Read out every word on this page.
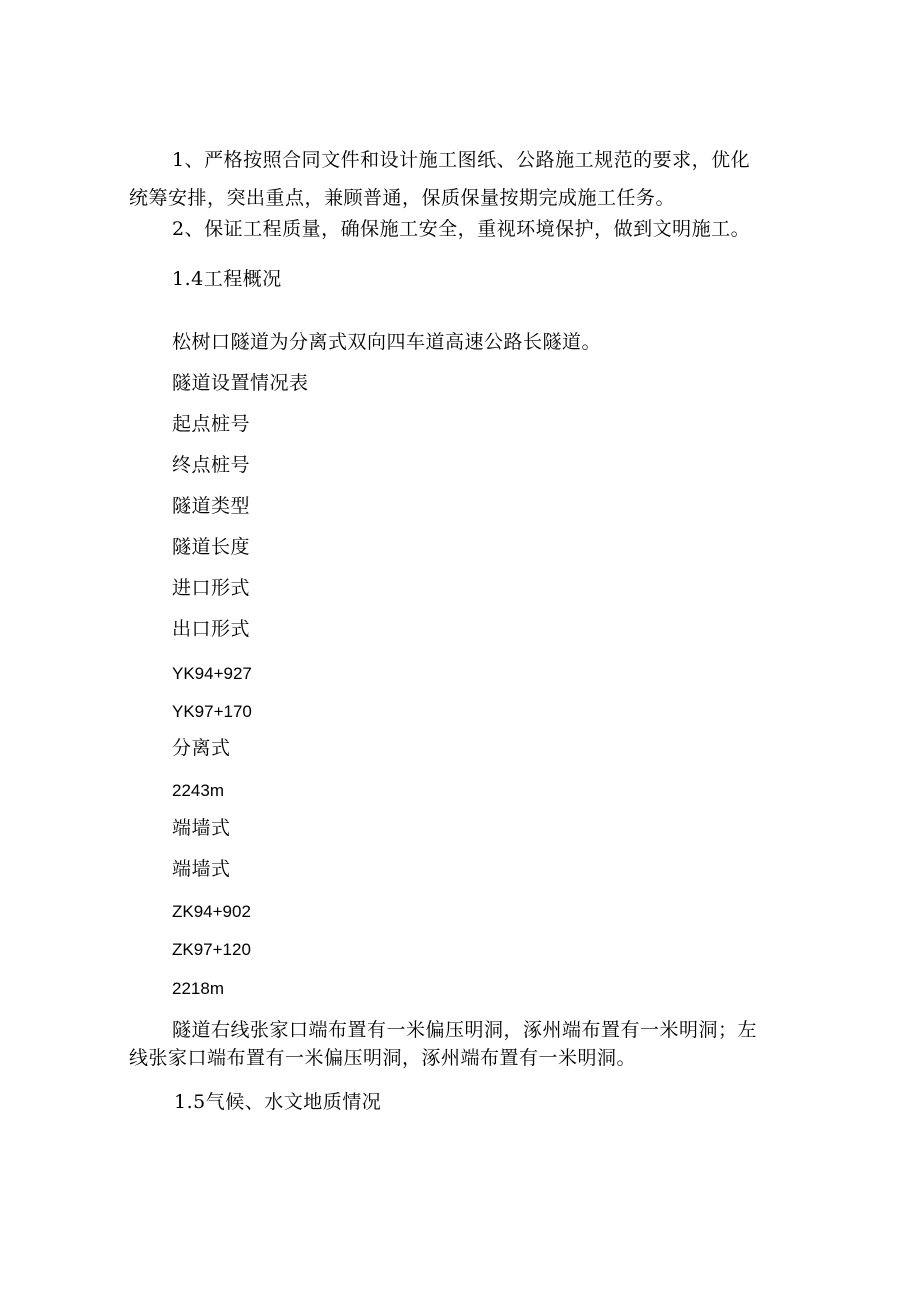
1、严格按照合同文件和设计施工图纸、公路施工规范的要求，优化
统筹安排，突出重点，兼顾普通，保质保量按期完成施工任务。
2、保证工程质量，确保施工安全，重视环境保护，做到文明施工。
1.4工程概况
松树口隧道为分离式双向四车道高速公路长隧道。
隧道设置情况表
起点桩号
终点桩号
隧道类型
隧道长度
进口形式
出口形式
YK94+927
YK97+170
分离式
2243m
端墙式
端墙式
ZK94+902
ZK97+120
2218m
隧道右线张家口端布置有一米偏压明洞，涿州端布置有一米明洞；左
线张家口端布置有一米偏压明洞，涿州端布置有一米明洞。
1.5气候、水文地质情况
